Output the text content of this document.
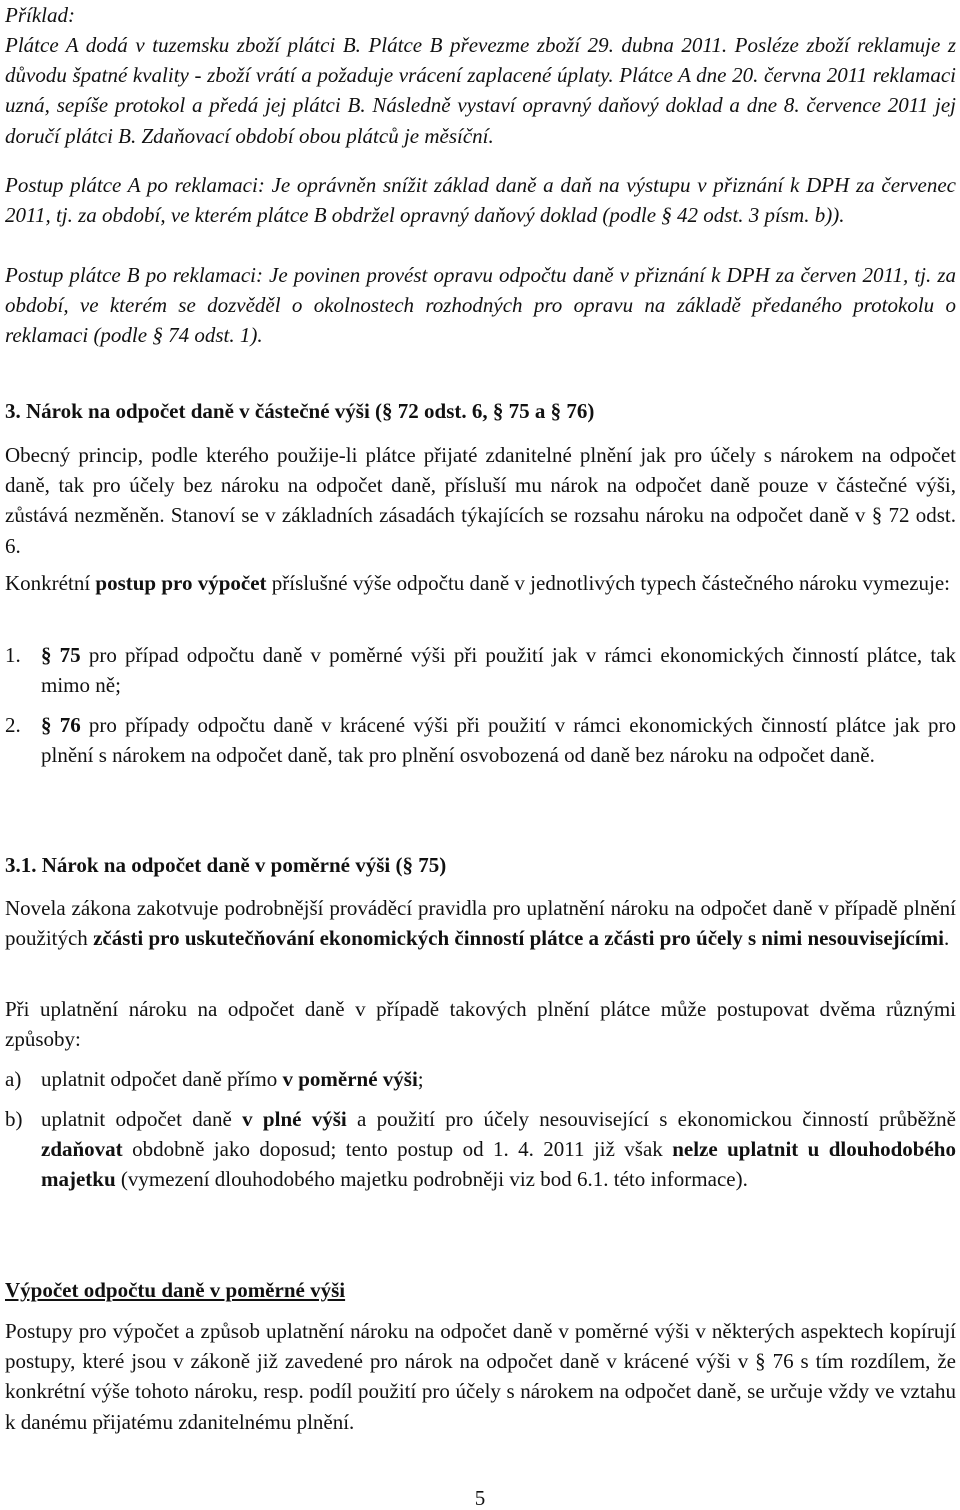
Příklad:

Plátce A dodá v tuzemsku zboží plátci B. Plátce B převezme zboží 29. dubna 2011. Posléze zboží reklamuje z důvodu špatné kvality - zboží vrátí a požaduje vrácení zaplacené úplaty. Plátce A dne 20. června 2011 reklamaci uzná, sepíše protokol a předá jej plátci B. Následně vystaví opravný daňový doklad a dne 8. července 2011 jej doručí plátci B. Zdaňovací období obou plátců je měsíční.

Postup plátce A po reklamaci: Je oprávněn snížit základ daně a daň na výstupu v přiznání k DPH za červenec 2011, tj. za období, ve kterém plátce B obdržel opravný daňový doklad (podle § 42 odst. 3 písm. b)).

Postup plátce B po reklamaci: Je povinen provést opravu odpočtu daně v přiznání k DPH za červen 2011, tj. za období, ve kterém se dozvěděl o okolnostech rozhodných pro opravu na základě předaného protokolu o reklamaci (podle § 74 odst. 1).

3. Nárok na odpočet daně v částečné výši (§ 72 odst. 6, § 75 a § 76)

Obecný princip, podle kterého použije-li plátce přijaté zdanitelné plnění jak pro účely s nárokem na odpočet daně, tak pro účely bez nároku na odpočet daně, přísluší mu nárok na odpočet daně pouze v částečné výši, zůstává nezměněn. Stanoví se v základních zásadách týkajících se rozsahu nároku na odpočet daně v § 72 odst. 6.

Konkrétní postup pro výpočet příslušné výše odpočtu daně v jednotlivých typech částečného nároku vymezuje:

1. § 75 pro případ odpočtu daně v poměrné výši při použití jak v rámci ekonomických činností plátce, tak mimo ně;

2. § 76 pro případy odpočtu daně v krácené výši při použití v rámci ekonomických činností plátce jak pro plnění s nárokem na odpočet daně, tak pro plnění osvobozená od daně bez nároku na odpočet daně.

3.1. Nárok na odpočet daně v poměrné výši (§ 75)

Novela zákona zakotvuje podrobnější prováděcí pravidla pro uplatnění nároku na odpočet daně v případě plnění použitých zčásti pro uskutečňování ekonomických činností plátce a zčásti pro účely s nimi nesouvisejícími.

Při uplatnění nároku na odpočet daně v případě takových plnění plátce může postupovat dvěma různými způsoby:

a) uplatnit odpočet daně přímo v poměrné výši;

b) uplatnit odpočet daně v plné výši a použití pro účely nesouvisející s ekonomickou činností průběžně zdaňovat obdobně jako doposud; tento postup od 1. 4. 2011 již však nelze uplatnit u dlouhodobého majetku (vymezení dlouhodobého majetku podrobněji viz bod 6.1. této informace).

Výpočet odpočtu daně v poměrné výši

Postupy pro výpočet a způsob uplatnění nároku na odpočet daně v poměrné výši v některých aspektech kopírují postupy, které jsou v zákoně již zavedené pro nárok na odpočet daně v krácené výši v § 76 s tím rozdílem, že konkrétní výše tohoto nároku, resp. podíl použití pro účely s nárokem na odpočet daně, se určuje vždy ve vztahu k danému přijatému zdanitelnému plnění.

5
